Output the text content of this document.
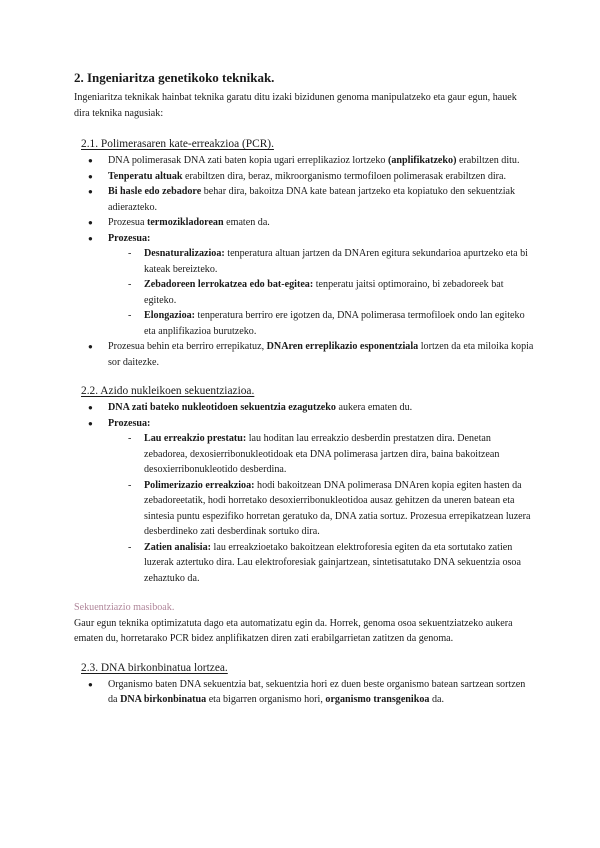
2. Ingeniaritza genetikoko teknikak.

Ingeniaritza teknikak hainbat teknika garatu ditu izaki bizidunen genoma manipulatzeko eta gaur egun, hauek dira teknika nagusiak:

2.1. Polimerasaren kate-erreakzioa (PCR).
● DNA polimerasak DNA zati baten kopia ugari erreplikazioz lortzeko (anplifikatzeko) erabiltzen ditu.
● Tenperatu altuak erabiltzen dira, beraz, mikroorganismo termofiloen polimerasak erabiltzen dira.
● Bi hasle edo zebadore behar dira, bakoitza DNA kate batean jartzeko eta kopiatuko den sekuentziak adierazteko.
● Prozesua termozikladorean ematen da.
● Prozesua:
- Desnaturalizazioa: tenperatura altuan jartzen da DNAren egitura sekundarioa apurtzeko eta bi kateak bereizteko.
- Zebadoreen lerrokatzea edo bat-egitea: tenperatu jaitsi optimoraino, bi zebadoreek bat egiteko.
- Elongazioa: tenperatura berriro ere igotzen da, DNA polimerasa termofiloek ondo lan egiteko eta anplifikazioa burutzeko.
● Prozesua behin eta berriro errepikatuz, DNAren erreplikazio esponentziala lortzen da eta miloika kopia sor daitezke.
2.2. Azido nukleikoen sekuentziazioa.
● DNA zati bateko nukleotidoen sekuentzia ezagutzeko aukera ematen du.
● Prozesua:
- Lau erreakzio prestatu: lau hoditan lau erreakzio desberdin prestatzen dira. Denetan zebadorea, dexosierribonukleotidoak eta DNA polimerasa jartzen dira, baina bakoitzean desoxierribonukleotido desberdina.
- Polimerizazio erreakzioa: hodi bakoitzean DNA polimerasa DNAren kopia egiten hasten da zebadoreetatik, hodi horretako desoxierribonukleotidoa ausaz gehitzen da uneren batean eta sintesia puntu espezifiko horretan geratuko da, DNA zatia sortuz. Prozesua errepikatzean luzera desberdineko zati desberdinak sortuko dira.
- Zatien analisia: lau erreakzioetako bakoitzean elektroforesia egiten da eta sortutako zatien luzerak aztertuko dira. Lau elektroforesiak gainjartzean, sintetisatutako DNA sekuentzia osoa zehaztuko da.
Sekuentziazio masiboak.

Gaur egun teknika optimizatuta dago eta automatizatu egin da. Horrek, genoma osoa sekuentziatzeko aukera ematen du, horretarako PCR bidez anplifikatzen diren zati erabilgarrietan zatitzen da genoma.

2.3. DNA birkonbinatua lortzea.
● Organismo baten DNA sekuentzia bat, sekuentzia hori ez duen beste organismo batean sartzean sortzen da DNA birkonbinatua eta bigarren organismo hori, organismo transgenikoa da.
